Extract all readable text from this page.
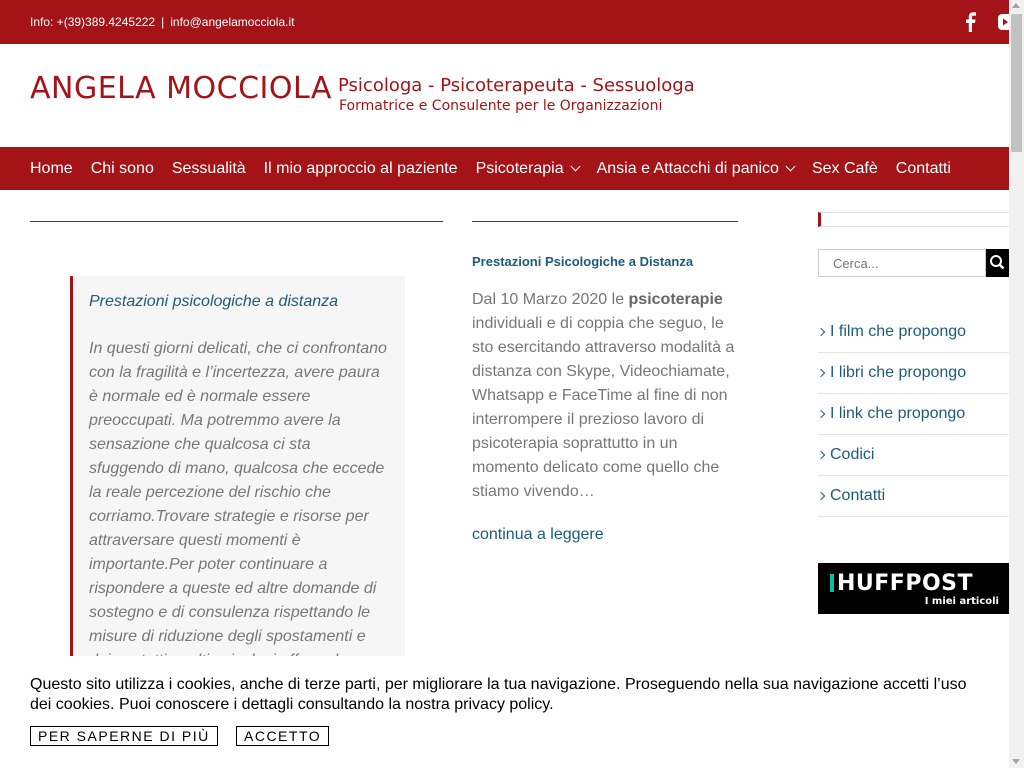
Info: +(39)389.4245222 | info@angelamocciola.it
ANGELA MOCCIOLA Psicologa - Psicoterapeuta - Sessuologa
Formatrice e Consulente per le Organizzazioni
Home Chi sono Sessualità Il mio approccio al paziente Psicoterapia Ansia e Attacchi di panico Sex Cafè Contatti
Prestazioni psicologiche a distanza
In questi giorni delicati, che ci confrontano con la fragilità e l’incertezza, avere paura è normale ed è normale essere preoccupati. Ma potremmo avere la sensazione che qualcosa ci sta sfuggendo di mano, qualcosa che eccede la reale percezione del rischio che corriamo.Trovare strategie e risorse per attraversare questi momenti è importante.Per poter continuare a rispondere a queste ed altre domande di sostegno e di consulenza rispettando le misure di riduzione degli spostamenti e
Prestazioni Psicologiche a Distanza
Dal 10 Marzo 2020 le psicoterapie individuali e di coppia che seguo, le sto esercitando attraverso modalità a distanza con Skype, Videochiamate, Whatsapp e FaceTime al fine di non interrompere il prezioso lavoro di psicoterapia soprattutto in un momento delicato come quello che stiamo vivendo…
continua a leggere
Cerca...
I film che propongo
I libri che propongo
I link che propongo
Codici
Contatti
HUFFPOST
I miei articoli
Questo sito utilizza i cookies, anche di terze parti, per migliorare la tua navigazione. Proseguendo nella sua navigazione accetti l’uso dei cookies. Puoi conoscere i dettagli consultando la nostra privacy policy.
PER SAPERNE DI PIÙ	ACCETTO
